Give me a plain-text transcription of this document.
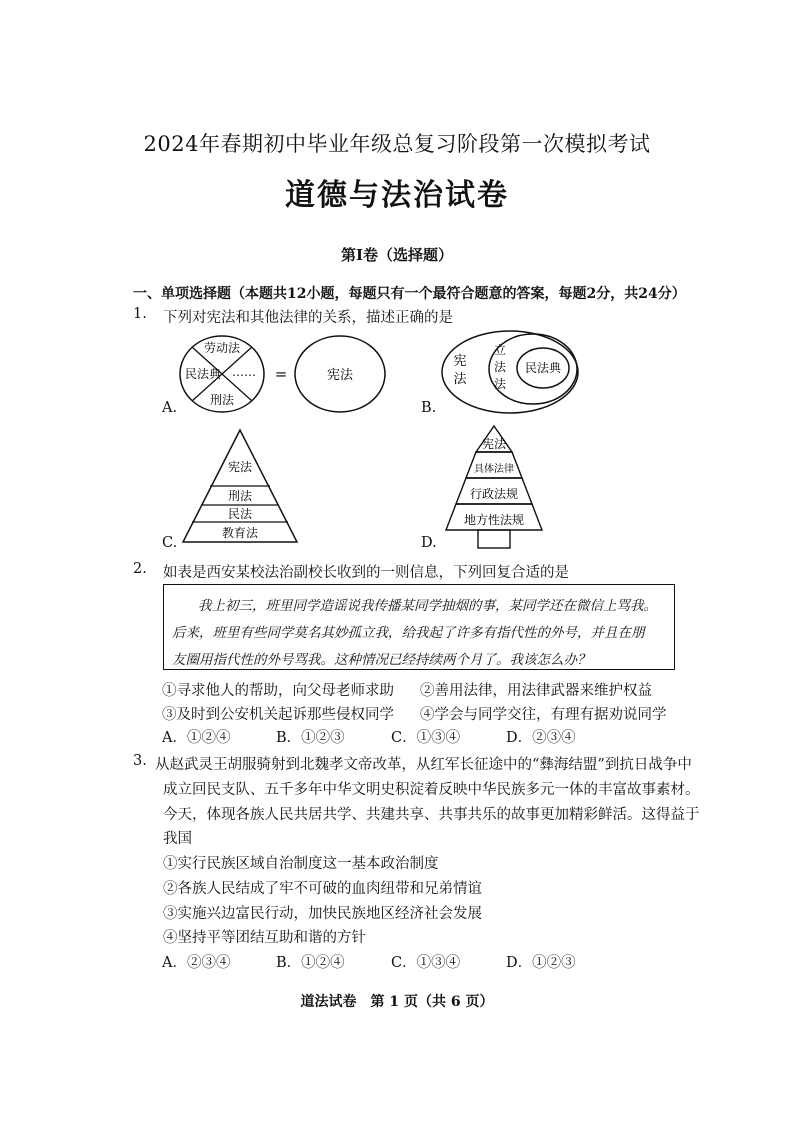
2024年春期初中毕业年级总复习阶段第一次模拟考试
道德与法治试卷
第Ⅰ卷（选择题）
一、单项选择题（本题共12小题，每题只有一个最符合题意的答案，每题2分，共24分）
1. 下列对宪法和其他法律的关系，描述正确的是
A.
劳动法
民法典 ……
刑法
=	宪法
B.
宪
法
立
法
法
民法典
C.
宪法
刑法
民法
教育法
D.
宪法
具体法律
行政法规
地方性法规
2. 如表是西安某校法治副校长收到的一则信息，下列回复合适的是
我上初三，班里同学造谣说我传播某同学抽烟的事，某同学还在微信上骂我。
后来，班里有些同学莫名其妙孤立我，给我起了许多有指代性的外号，并且在朋
友圈用指代性的外号骂我。这种情况已经持续两个月了。我该怎么办？
①寻求他人的帮助，向父母老师求助 ②善用法律，用法律武器来维护权益
③及时到公安机关起诉那些侵权同学 ④学会与同学交往，有理有据劝说同学
A．①②④	B．①②③	C．①③④	D．②③④
3. 从赵武灵王胡服骑射到北魏孝文帝改革，从红军长征途中的“彝海结盟”到抗日战争中
成立回民支队、五千多年中华文明史积淀着反映中华民族多元一体的丰富故事素材。
今天，体现各族人民共居共学、共建共享、共事共乐的故事更加精彩鲜活。这得益于
我国
①实行民族区域自治制度这一基本政治制度
②各族人民结成了牢不可破的血肉纽带和兄弟情谊
③实施兴边富民行动，加快民族地区经济社会发展
④坚持平等团结互助和谐的方针
A．②③④	B．①②④	C．①③④	D．①②③
道法试卷　第 1 页（共 6 页）
